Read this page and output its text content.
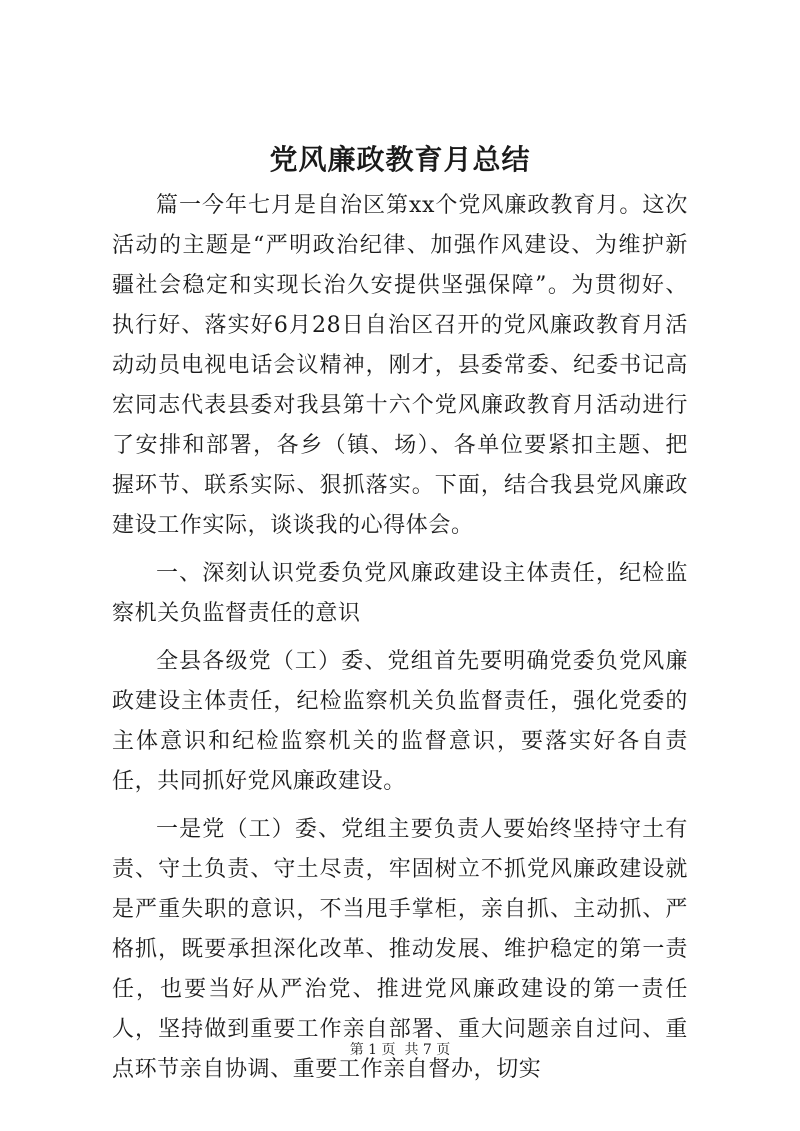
党风廉政教育月总结

篇一今年七月是自治区第xx个党风廉政教育月。这次活动的主题是“严明政治纪律、加强作风建设、为维护新疆社会稳定和实现长治久安提供坚强保障”。为贯彻好、执行好、落实好6月28日自治区召开的党风廉政教育月活动动员电视电话会议精神，刚才，县委常委、纪委书记高宏同志代表县委对我县第十六个党风廉政教育月活动进行了安排和部署，各乡（镇、场）、各单位要紧扣主题、把握环节、联系实际、狠抓落实。下面，结合我县党风廉政建设工作实际，谈谈我的心得体会。

一、深刻认识党委负党风廉政建设主体责任，纪检监察机关负监督责任的意识

全县各级党（工）委、党组首先要明确党委负党风廉政建设主体责任，纪检监察机关负监督责任，强化党委的主体意识和纪检监察机关的监督意识，要落实好各自责任，共同抓好党风廉政建设。

一是党（工）委、党组主要负责人要始终坚持守土有责、守土负责、守土尽责，牢固树立不抓党风廉政建设就是严重失职的意识，不当甩手掌柜，亲自抓、主动抓、严格抓，既要承担深化改革、推动发展、维护稳定的第一责任，也要当好从严治党、推进党风廉政建设的第一责任人，坚持做到重要工作亲自部署、重大问题亲自过问、重点环节亲自协调、重要工作亲自督办，切实

第 1 页  共 7 页
